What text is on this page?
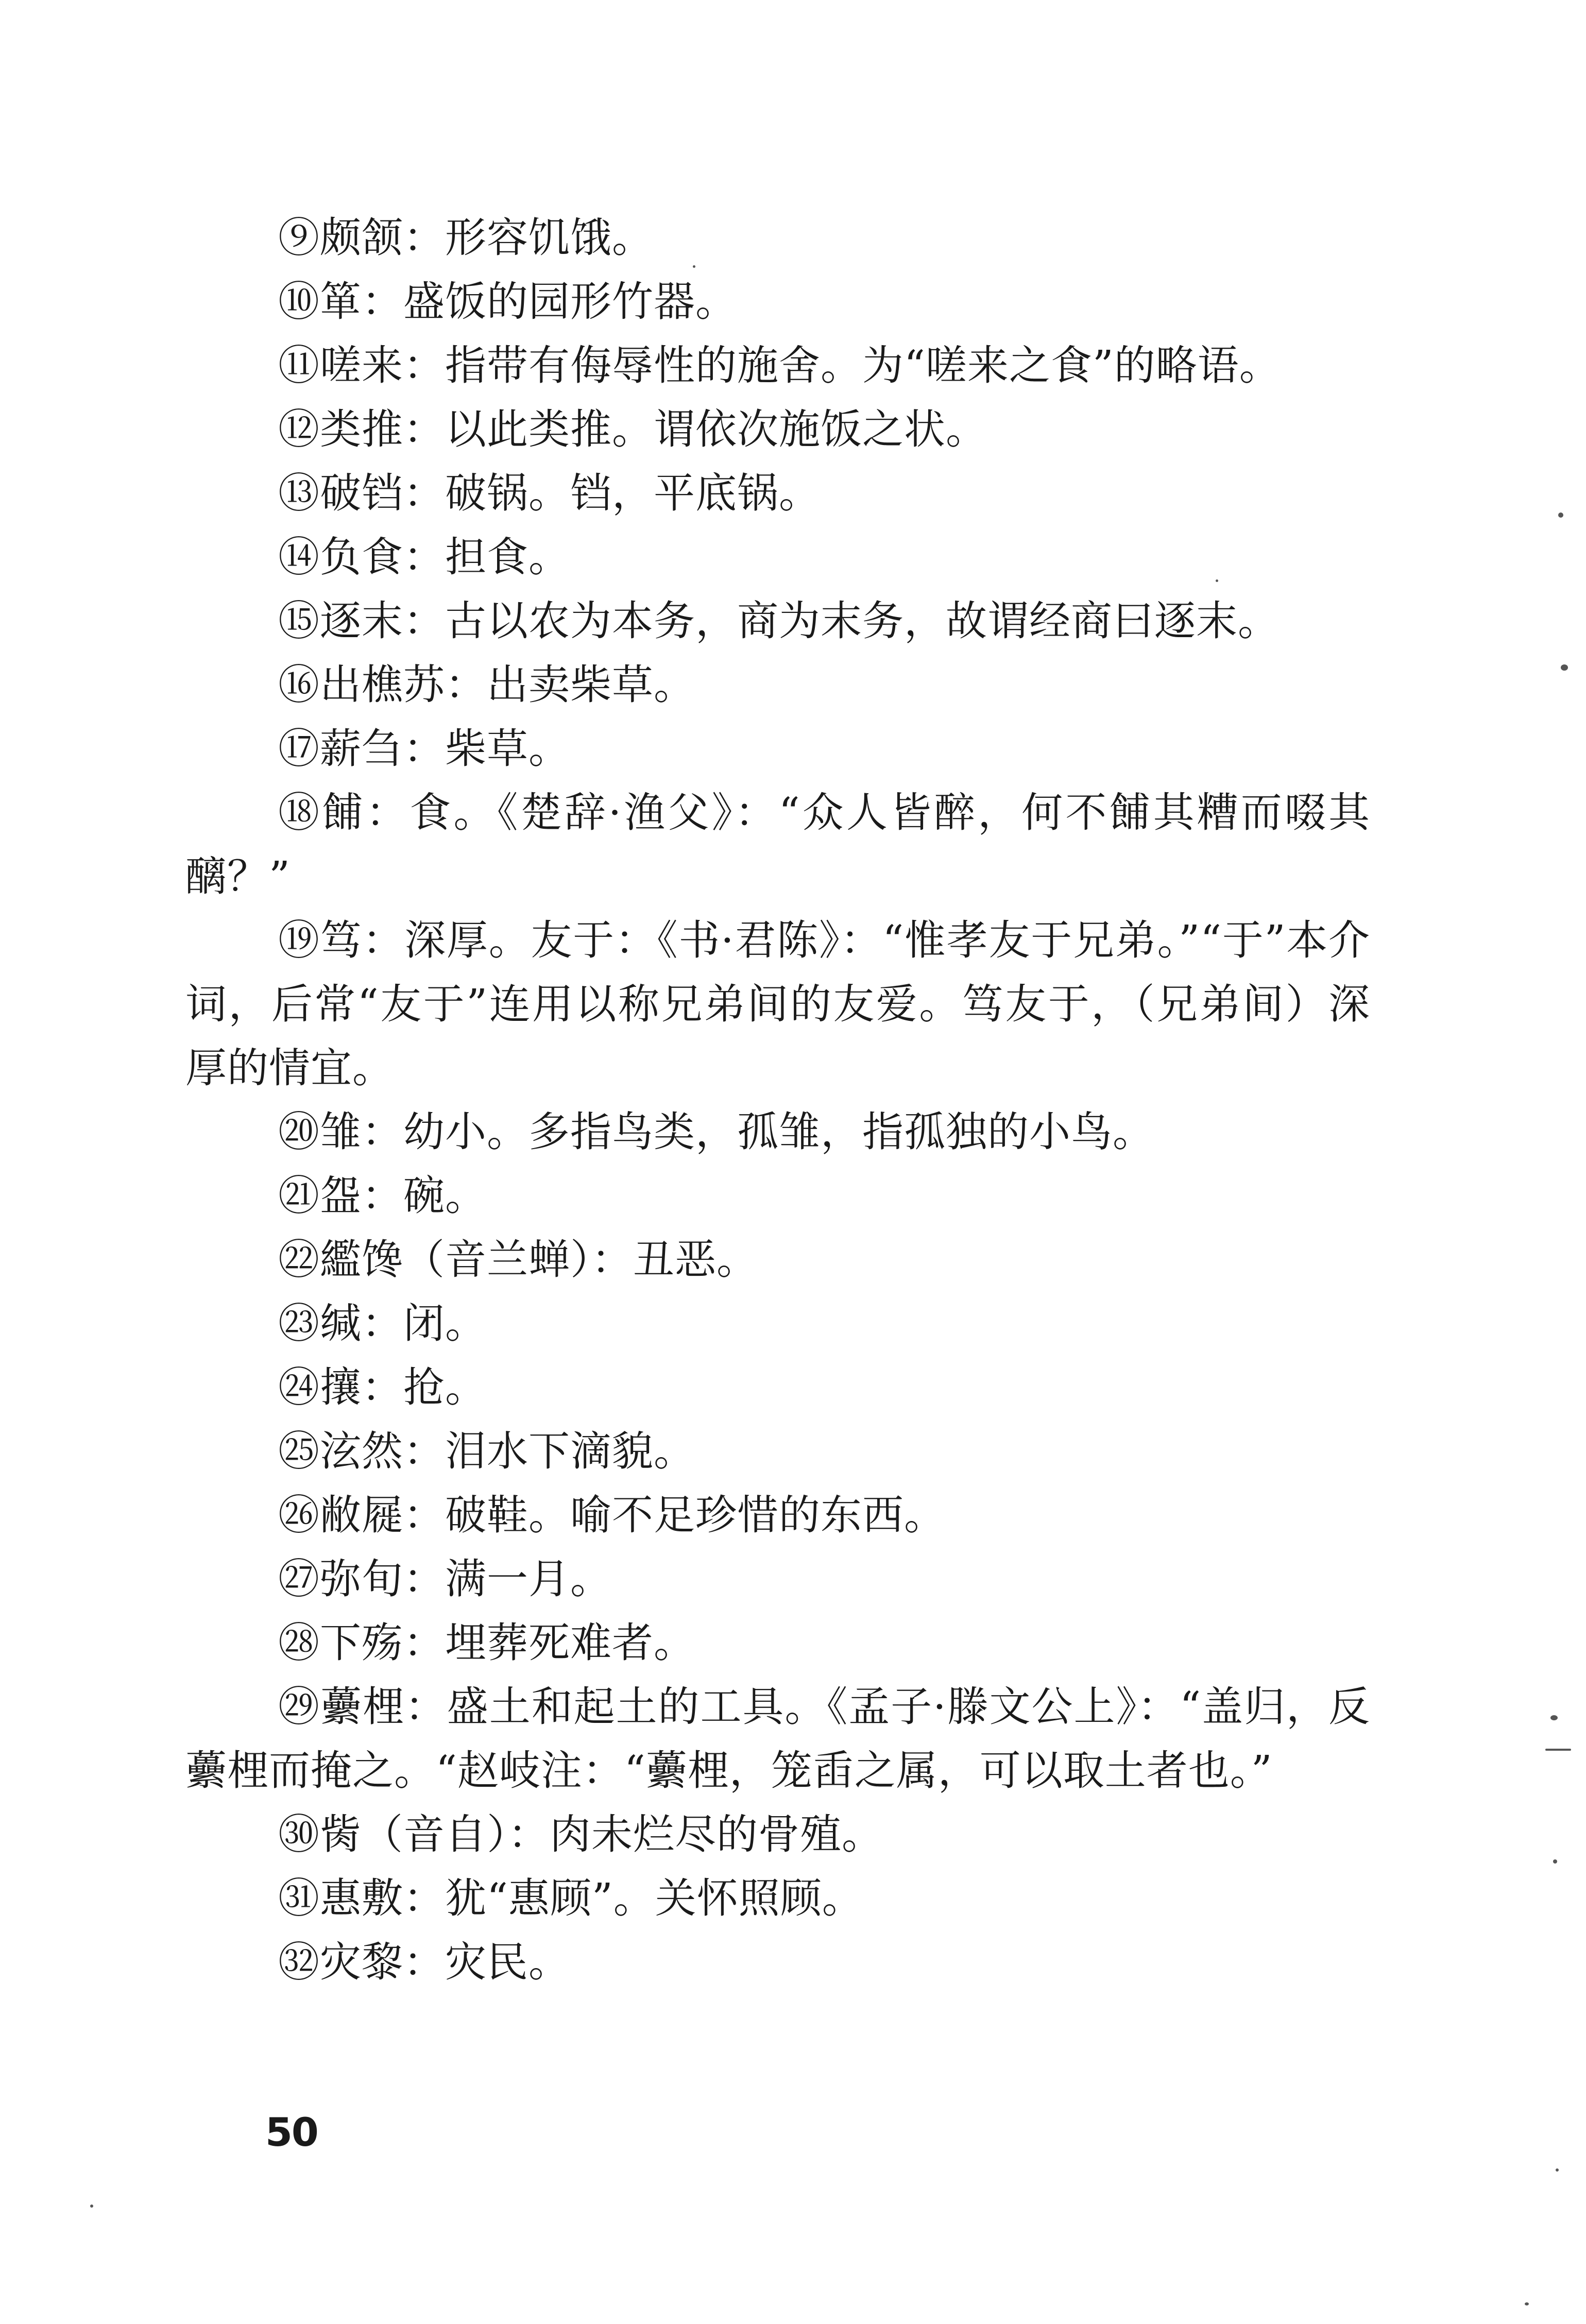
⑨颇颔：形容饥饿。

⑩箪：盛饭的园形竹器。

⑪嗟来：指带有侮辱性的施舍。为“嗟来之食”的略语。

⑫类推：以此类推。谓依次施饭之状。

⑬破铛：破锅。铛，平底锅。

⑭负食：担食。

⑮逐末：古以农为本务，商为末务，故谓经商曰逐末。

⑯出樵苏：出卖柴草。

⑰薪刍：柴草。

⑱餔：食。《楚辞·渔父》：“众人皆醉，何不餔其糟而啜其醨？”

⑲笃：深厚。友于：《书·君陈》：“惟孝友于兄弟。”“于”本介词，后常“友于”连用以称兄弟间的友爱。笃友于，（兄弟间）深厚的情宜。

⑳雏：幼小。多指鸟类，孤雏，指孤独的小鸟。

㉑盌：碗。

㉒繿馋（音兰蝉）：丑恶。

㉓缄：闭。

㉔攘：抢。

㉕泫然：泪水下滴貌。

㉖敝屣：破鞋。喻不足珍惜的东西。

㉗弥旬：满一月。

㉘下殇：埋葬死难者。

㉙虆梩：盛土和起土的工具。《孟子·滕文公上》：“盖归，反虆梩而掩之。“赵岐注：“虆梩，笼臿之属，可以取土者也。”

㉚胔（音自）：肉未烂尽的骨殖。

㉛惠敷：犹“惠顾”。关怀照顾。

㉜灾黎：灾民。

50
